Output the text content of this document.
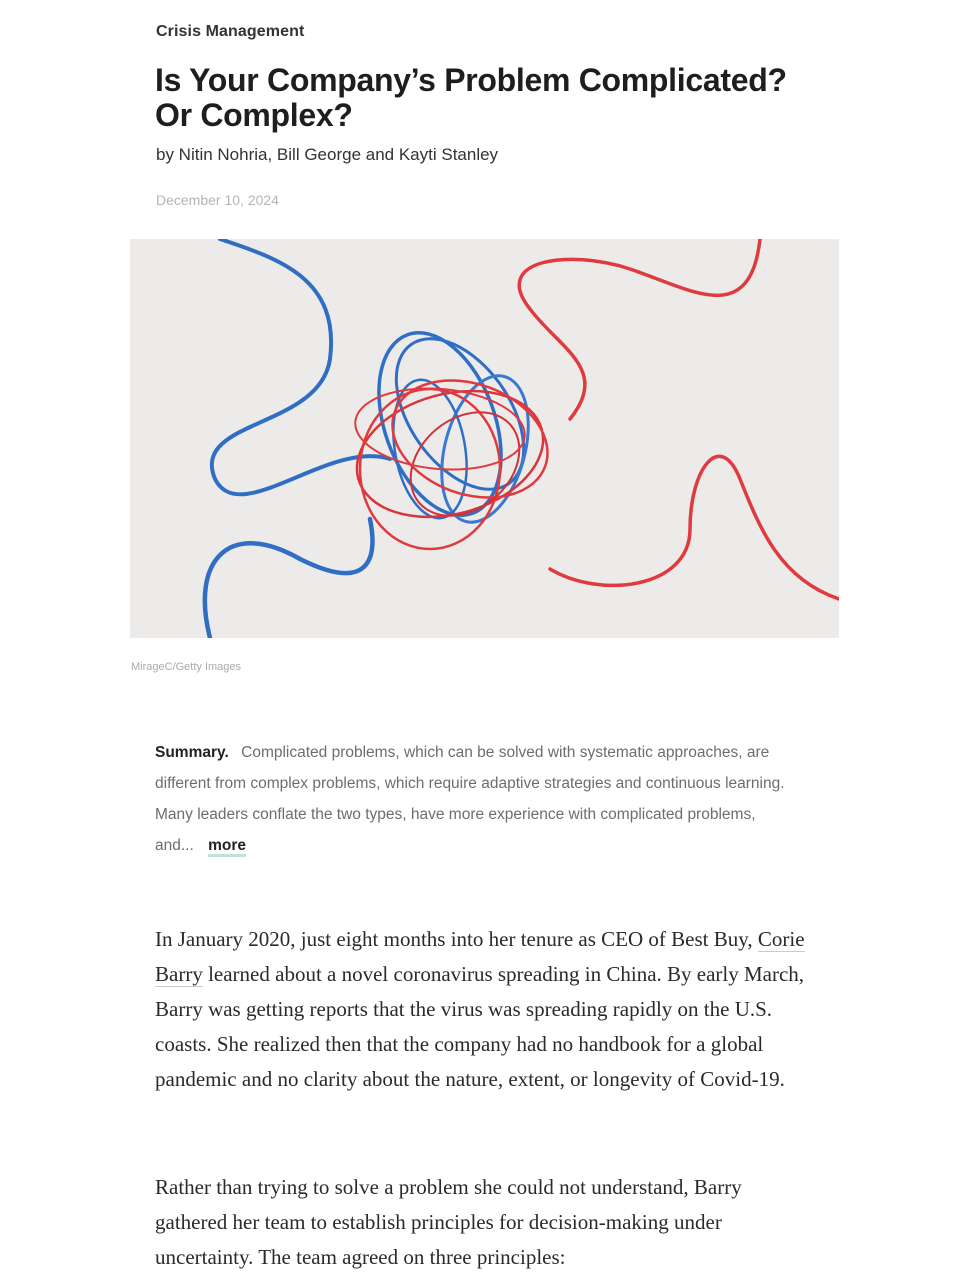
Crisis Management
Is Your Company’s Problem Complicated? Or Complex?
by Nitin Nohria, Bill George and Kayti Stanley
December 10, 2024
MirageC/Getty Images
Summary. Complicated problems, which can be solved with systematic approaches, are different from complex problems, which require adaptive strategies and continuous learning. Many leaders conflate the two types, have more experience with complicated problems, and... more

In January 2020, just eight months into her tenure as CEO of Best Buy, Corie Barry learned about a novel coronavirus spreading in China. By early March, Barry was getting reports that the virus was spreading rapidly on the U.S. coasts. She realized then that the company had no handbook for a global pandemic and no clarity about the nature, extent, or longevity of Covid-19.

Rather than trying to solve a problem she could not understand, Barry gathered her team to establish principles for decision-making under uncertainty. The team agreed on three principles:
